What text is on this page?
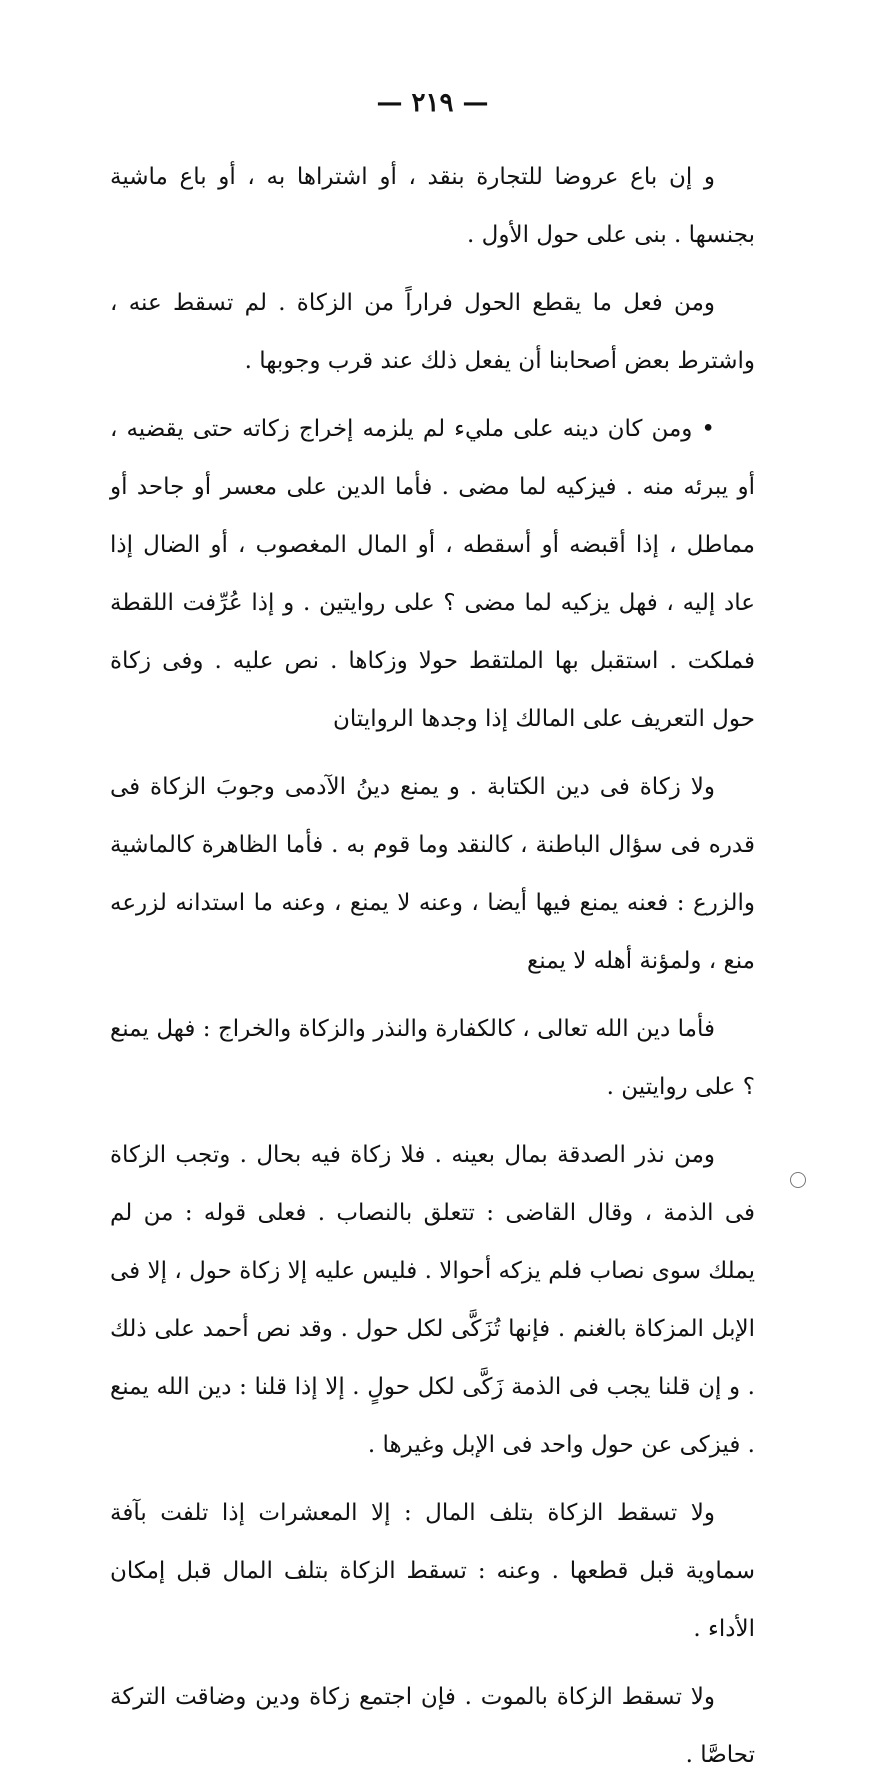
— ٢١٩ —

و إن باع عروضا للتجارة بنقد ، أو اشتراها به ، أو باع ماشية بجنسها . بنى على حول الأول .

ومن فعل ما يقطع الحول فراراً من الزكاة . لم تسقط عنه ، واشترط بعض أصحابنا أن يفعل ذلك عند قرب وجوبها .

• ومن كان دينه على مليء لم يلزمه إخراج زكاته حتى يقضيه ، أو يبرئه منه . فيزكيه لما مضى . فأما الدين على معسر أو جاحد أو مماطل ، إذا أقبضه أو أسقطه ، أو المال المغصوب ، أو الضال إذا عاد إليه ، فهل يزكيه لما مضى ؟ على روايتين . و إذا عُرِّفت اللقطة فملكت . استقبل بها الملتقط حولا وزكاها . نص عليه . وفى زكاة حول التعريف على المالك إذا وجدها الروايتان

ولا زكاة فى دين الكتابة . و يمنع دينُ الآدمى وجوبَ الزكاة فى قدره فى سؤال الباطنة ، كالنقد وما قوم به . فأما الظاهرة كالماشية والزرع : فعنه يمنع فيها أيضا ، وعنه لا يمنع ، وعنه ما استدانه لزرعه منع ، ولمؤنة أهله لا يمنع

فأما دين الله تعالى ، كالكفارة والنذر والزكاة والخراج : فهل يمنع ؟ على روايتين .

ومن نذر الصدقة بمال بعينه . فلا زكاة فيه بحال . وتجب الزكاة فى الذمة ، وقال القاضى : تتعلق بالنصاب . فعلى قوله : من لم يملك سوى نصاب فلم يزكه أحوالا . فليس عليه إلا زكاة حول ، إلا فى الإبل المزكاة بالغنم . فإنها تُزَكَّى لكل حول . وقد نص أحمد على ذلك . و إن قلنا يجب فى الذمة زَكَّى لكل حولٍ . إلا إذا قلنا : دين الله يمنع . فيزكى عن حول واحد فى الإبل وغيرها .

ولا تسقط الزكاة بتلف المال : إلا المعشرات إذا تلفت بآفة سماوية قبل قطعها . وعنه : تسقط الزكاة بتلف المال قبل إمكان الأداء .

ولا تسقط الزكاة بالموت . فإن اجتمع زكاة ودين وضاقت التركة تحاصَّا .
